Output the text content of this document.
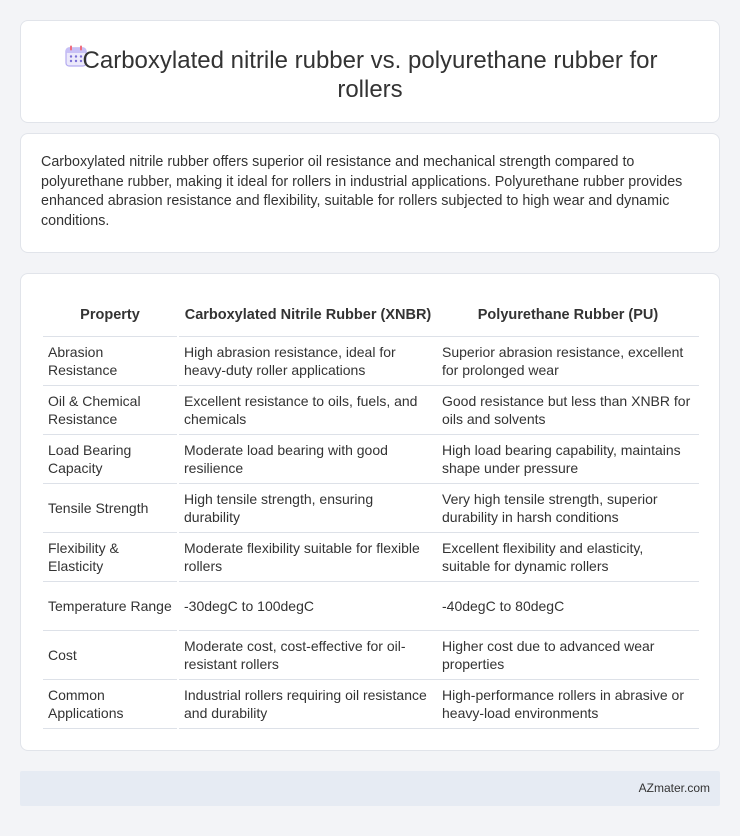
Carboxylated nitrile rubber vs. polyurethane rubber for rollers

Carboxylated nitrile rubber offers superior oil resistance and mechanical strength compared to polyurethane rubber, making it ideal for rollers in industrial applications. Polyurethane rubber provides enhanced abrasion resistance and flexibility, suitable for rollers subjected to high wear and dynamic conditions.

Property	Carboxylated Nitrile Rubber (XNBR)	Polyurethane Rubber (PU)
Abrasion Resistance	High abrasion resistance, ideal for heavy-duty roller applications	Superior abrasion resistance, excellent for prolonged wear
Oil & Chemical Resistance	Excellent resistance to oils, fuels, and chemicals	Good resistance but less than XNBR for oils and solvents
Load Bearing Capacity	Moderate load bearing with good resilience	High load bearing capability, maintains shape under pressure
Tensile Strength	High tensile strength, ensuring durability	Very high tensile strength, superior durability in harsh conditions
Flexibility & Elasticity	Moderate flexibility suitable for flexible rollers	Excellent flexibility and elasticity, suitable for dynamic rollers
Temperature Range	-30degC to 100degC	-40degC to 80degC
Cost	Moderate cost, cost-effective for oil-resistant rollers	Higher cost due to advanced wear properties
Common Applications	Industrial rollers requiring oil resistance and durability	High-performance rollers in abrasive or heavy-load environments
AZmater.com
